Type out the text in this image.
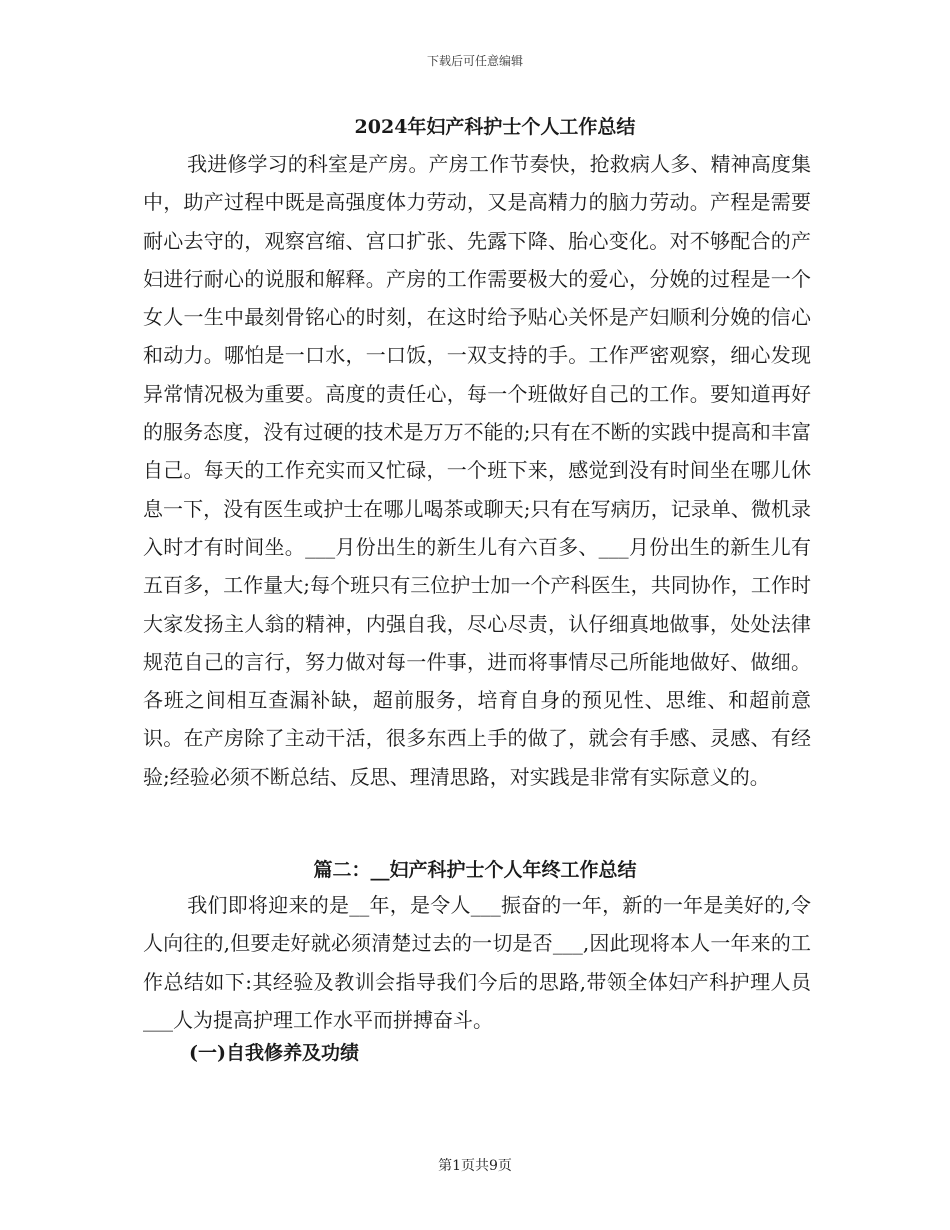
下载后可任意编辑
2024年妇产科护士个人工作总结

我进修学习的科室是产房。产房工作节奏快，抢救病人多、精神高度集中，助产过程中既是高强度体力劳动，又是高精力的脑力劳动。产程是需要耐心去守的，观察宫缩、宫口扩张、先露下降、胎心变化。对不够配合的产妇进行耐心的说服和解释。产房的工作需要极大的爱心，分娩的过程是一个女人一生中最刻骨铭心的时刻，在这时给予贴心关怀是产妇顺利分娩的信心和动力。哪怕是一口水，一口饭，一双支持的手。工作严密观察，细心发现异常情况极为重要。高度的责任心，每一个班做好自己的工作。要知道再好的服务态度，没有过硬的技术是万万不能的;只有在不断的实践中提高和丰富自己。每天的工作充实而又忙碌，一个班下来，感觉到没有时间坐在哪儿休息一下，没有医生或护士在哪儿喝茶或聊天;只有在写病历，记录单、微机录入时才有时间坐。___月份出生的新生儿有六百多、___月份出生的新生儿有五百多，工作量大;每个班只有三位护士加一个产科医生，共同协作，工作时大家发扬主人翁的精神，内强自我，尽心尽责，认仔细真地做事，处处法律规范自己的言行，努力做对每一件事，进而将事情尽己所能地做好、做细。各班之间相互查漏补缺，超前服务，培育自身的预见性、思维、和超前意识。在产房除了主动干活，很多东西上手的做了，就会有手感、灵感、有经验;经验必须不断总结、反思、理清思路，对实践是非常有实际意义的。

篇二：__妇产科护士个人年终工作总结

我们即将迎来的是__年，是令人___振奋的一年，新的一年是美好的,令人向往的,但要走好就必须清楚过去的一切是否___,因此现将本人一年来的工作总结如下:其经验及教训会指导我们今后的思路,带领全体妇产科护理人员___人为提高护理工作水平而拼搏奋斗。

(一)自我修养及功绩
第1页共9页
